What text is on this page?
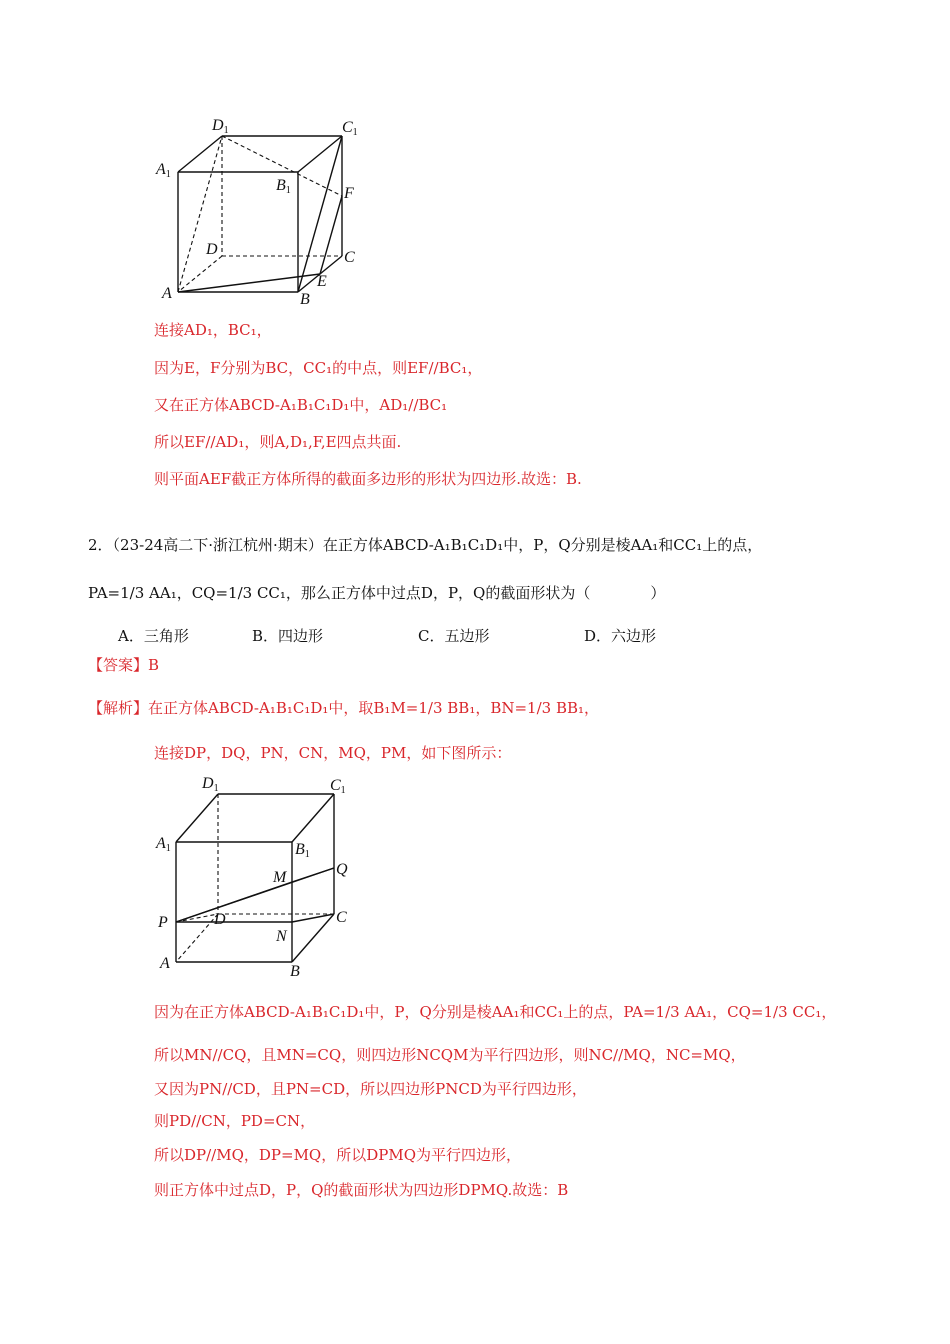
D1	C1
A1
B1	F
D	C
E
A	B
连接AD₁，BC₁，
因为E，F分别为BC，CC₁的中点，则EF//BC₁，
又在正方体ABCD-A₁B₁C₁D₁中，AD₁//BC₁
所以EF//AD₁，则A,D₁,F,E四点共面.
则平面AEF截正方体所得的截面多边形的形状为四边形.故选：B.
2．（23-24高二下·浙江杭州·期末）在正方体ABCD-A₁B₁C₁D₁中，P，Q分别是棱AA₁和CC₁上的点，
PA=1/3 AA₁，CQ=1/3 CC₁，那么正方体中过点D，P，Q的截面形状为（　　　　）
A．三角形	B．四边形	C．五边形	D．六边形
【答案】B
【解析】在正方体ABCD-A₁B₁C₁D₁中，取B₁M=1/3 BB₁，BN=1/3 BB₁，
连接DP，DQ，PN，CN，MQ，PM，如下图所示：
D1	C1
A1	B1
Q
M
P	D	C
N
A	B
因为在正方体ABCD-A₁B₁C₁D₁中，P，Q分别是棱AA₁和CC₁上的点，PA=1/3 AA₁，CQ=1/3 CC₁，
所以MN//CQ，且MN=CQ，则四边形NCQM为平行四边形，则NC//MQ，NC=MQ，
又因为PN//CD，且PN=CD，所以四边形PNCD为平行四边形，
则PD//CN，PD=CN，
所以DP//MQ，DP=MQ，所以DPMQ为平行四边形，
则正方体中过点D，P，Q的截面形状为四边形DPMQ.故选：B
